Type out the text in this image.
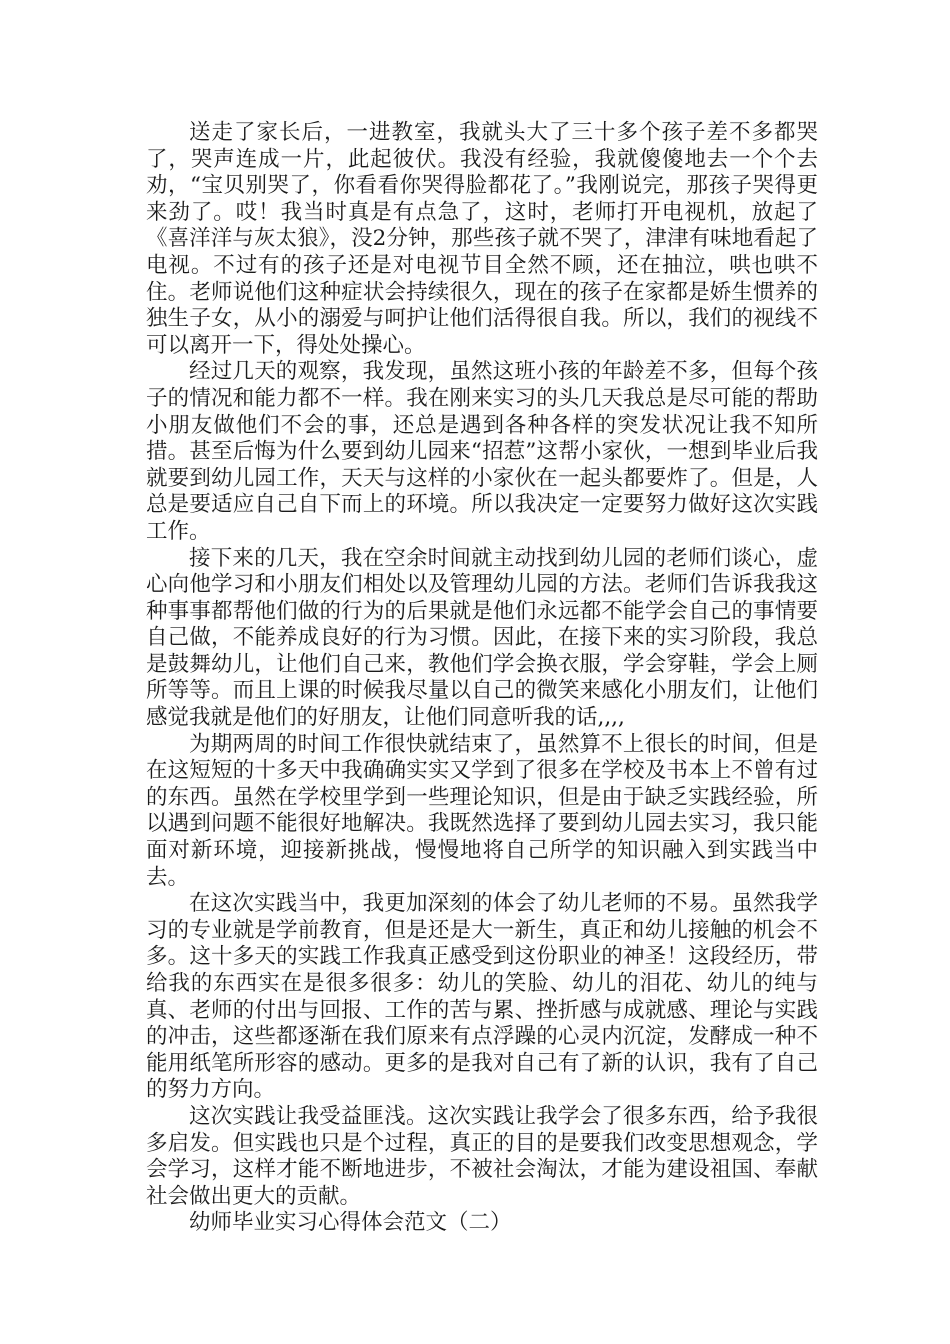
送走了家长后，一进教室，我就头大了三十多个孩子差不多都哭了，哭声连成一片，此起彼伏。我没有经验，我就傻傻地去一个个去劝，“宝贝别哭了，你看看你哭得脸都花了。”我刚说完，那孩子哭得更来劲了。哎！我当时真是有点急了，这时，老师打开电视机，放起了《喜洋洋与灰太狼》，没2分钟，那些孩子就不哭了，津津有味地看起了电视。不过有的孩子还是对电视节目全然不顾，还在抽泣，哄也哄不住。老师说他们这种症状会持续很久，现在的孩子在家都是娇生惯养的独生子女，从小的溺爱与呵护让他们活得很自我。所以，我们的视线不可以离开一下，得处处操心。

经过几天的观察，我发现，虽然这班小孩的年龄差不多，但每个孩子的情况和能力都不一样。我在刚来实习的头几天我总是尽可能的帮助小朋友做他们不会的事，还总是遇到各种各样的突发状况让我不知所措。甚至后悔为什么要到幼儿园来“招惹”这帮小家伙，一想到毕业后我就要到幼儿园工作，天天与这样的小家伙在一起头都要炸了。但是，人总是要适应自己自下而上的环境。所以我决定一定要努力做好这次实践工作。

接下来的几天，我在空余时间就主动找到幼儿园的老师们谈心，虚心向他学习和小朋友们相处以及管理幼儿园的方法。老师们告诉我我这种事事都帮他们做的行为的后果就是他们永远都不能学会自己的事情要自己做，不能养成良好的行为习惯。因此，在接下来的实习阶段，我总是鼓舞幼儿，让他们自己来，教他们学会换衣服，学会穿鞋，学会上厕所等等。而且上课的时候我尽量以自己的微笑来感化小朋友们，让他们感觉我就是他们的好朋友，让他们同意听我的话,,,,

为期两周的时间工作很快就结束了，虽然算不上很长的时间，但是在这短短的十多天中我确确实实又学到了很多在学校及书本上不曾有过的东西。虽然在学校里学到一些理论知识，但是由于缺乏实践经验，所以遇到问题不能很好地解决。我既然选择了要到幼儿园去实习，我只能面对新环境，迎接新挑战，慢慢地将自己所学的知识融入到实践当中去。

在这次实践当中，我更加深刻的体会了幼儿老师的不易。虽然我学习的专业就是学前教育，但是还是大一新生，真正和幼儿接触的机会不多。这十多天的实践工作我真正感受到这份职业的神圣！这段经历，带给我的东西实在是很多很多：幼儿的笑脸、幼儿的泪花、幼儿的纯与真、老师的付出与回报、工作的苦与累、挫折感与成就感、理论与实践的冲击，这些都逐渐在我们原来有点浮躁的心灵内沉淀，发酵成一种不能用纸笔所形容的感动。更多的是我对自己有了新的认识，我有了自己的努力方向。

这次实践让我受益匪浅。这次实践让我学会了很多东西，给予我很多启发。但实践也只是个过程，真正的目的是要我们改变思想观念，学会学习，这样才能不断地进步，不被社会淘汰，才能为建设祖国、奉献社会做出更大的贡献。

幼师毕业实习心得体会范文（二）
